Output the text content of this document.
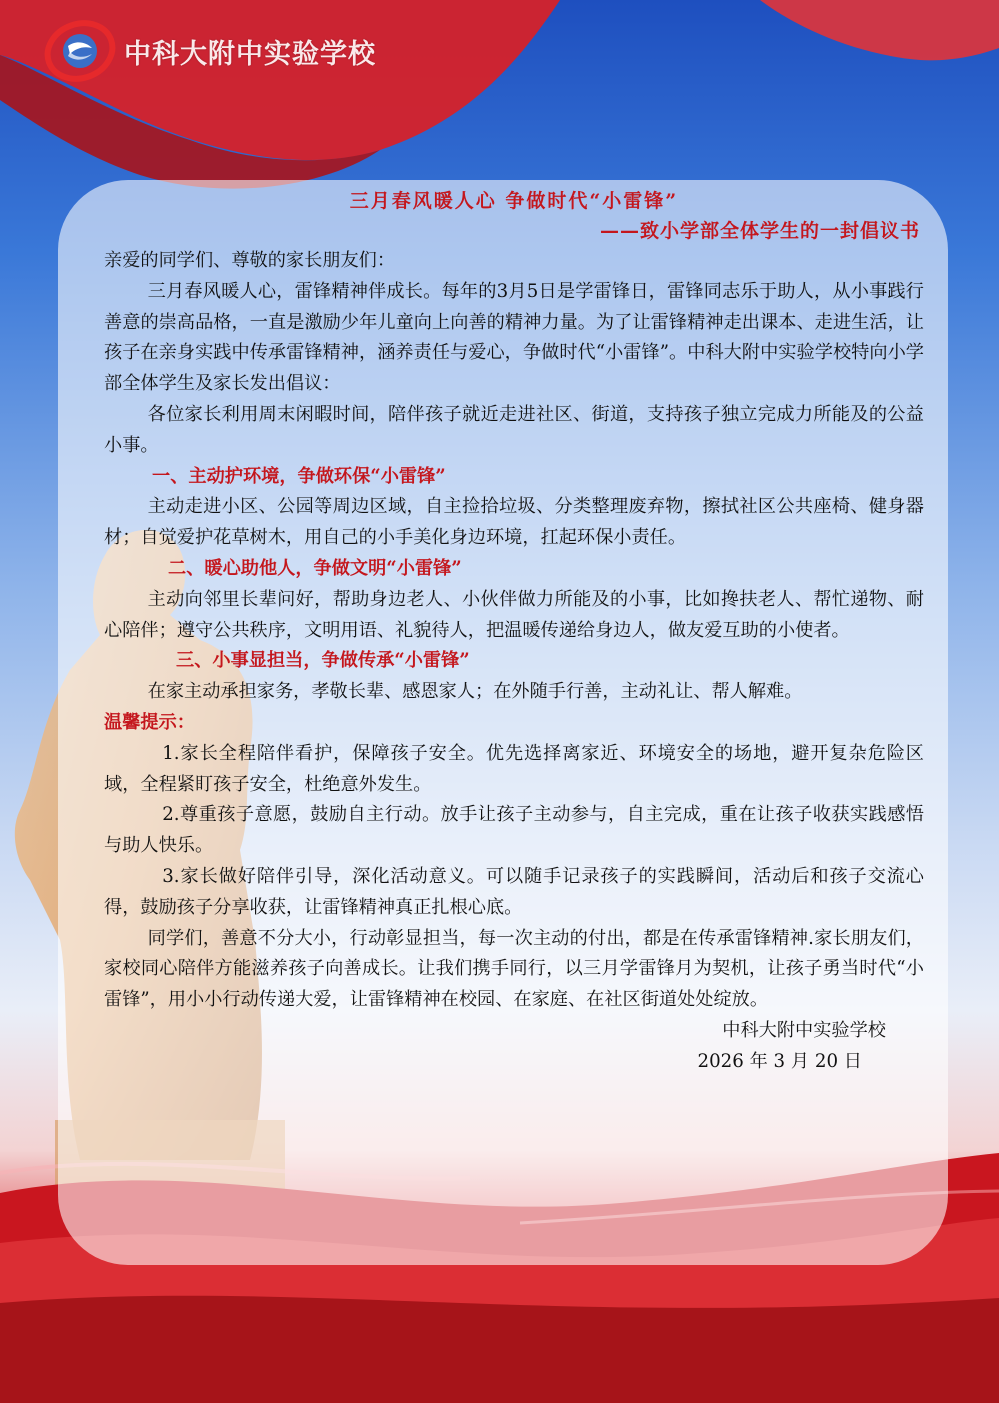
中科大附中实验学校
三月春风暖人心 争做时代“小雷锋”
——致小学部全体学生的一封倡议书

亲爱的同学们、尊敬的家长朋友们：

三月春风暖人心，雷锋精神伴成长。每年的3月5日是学雷锋日，雷锋同志乐于助人，从小事践行善意的崇高品格，一直是激励少年儿童向上向善的精神力量。为了让雷锋精神走出课本、走进生活，让孩子在亲身实践中传承雷锋精神，涵养责任与爱心，争做时代“小雷锋”。中科大附中实验学校特向小学部全体学生及家长发出倡议：

各位家长利用周末闲暇时间，陪伴孩子就近走进社区、街道，支持孩子独立完成力所能及的公益小事。

一、主动护环境，争做环保“小雷锋”

主动走进小区、公园等周边区域，自主捡拾垃圾、分类整理废弃物，擦拭社区公共座椅、健身器材；自觉爱护花草树木，用自己的小手美化身边环境，扛起环保小责任。

二、暖心助他人，争做文明“小雷锋”

主动向邻里长辈问好，帮助身边老人、小伙伴做力所能及的小事，比如搀扶老人、帮忙递物、耐心陪伴；遵守公共秩序，文明用语、礼貌待人，把温暖传递给身边人，做友爱互助的小使者。

三、小事显担当，争做传承“小雷锋”

在家主动承担家务，孝敬长辈、感恩家人；在外随手行善，主动礼让、帮人解难。

温馨提示：

1.家长全程陪伴看护，保障孩子安全。优先选择离家近、环境安全的场地，避开复杂危险区域，全程紧盯孩子安全，杜绝意外发生。

2.尊重孩子意愿，鼓励自主行动。放手让孩子主动参与，自主完成，重在让孩子收获实践感悟与助人快乐。

3.家长做好陪伴引导，深化活动意义。可以随手记录孩子的实践瞬间，活动后和孩子交流心得，鼓励孩子分享收获，让雷锋精神真正扎根心底。

同学们，善意不分大小，行动彰显担当，每一次主动的付出，都是在传承雷锋精神.家长朋友们，家校同心陪伴方能滋养孩子向善成长。让我们携手同行，以三月学雷锋月为契机，让孩子勇当时代“小雷锋”，用小小行动传递大爱，让雷锋精神在校园、在家庭、在社区街道处处绽放。

中科大附中实验学校

2026 年 3 月 20 日
